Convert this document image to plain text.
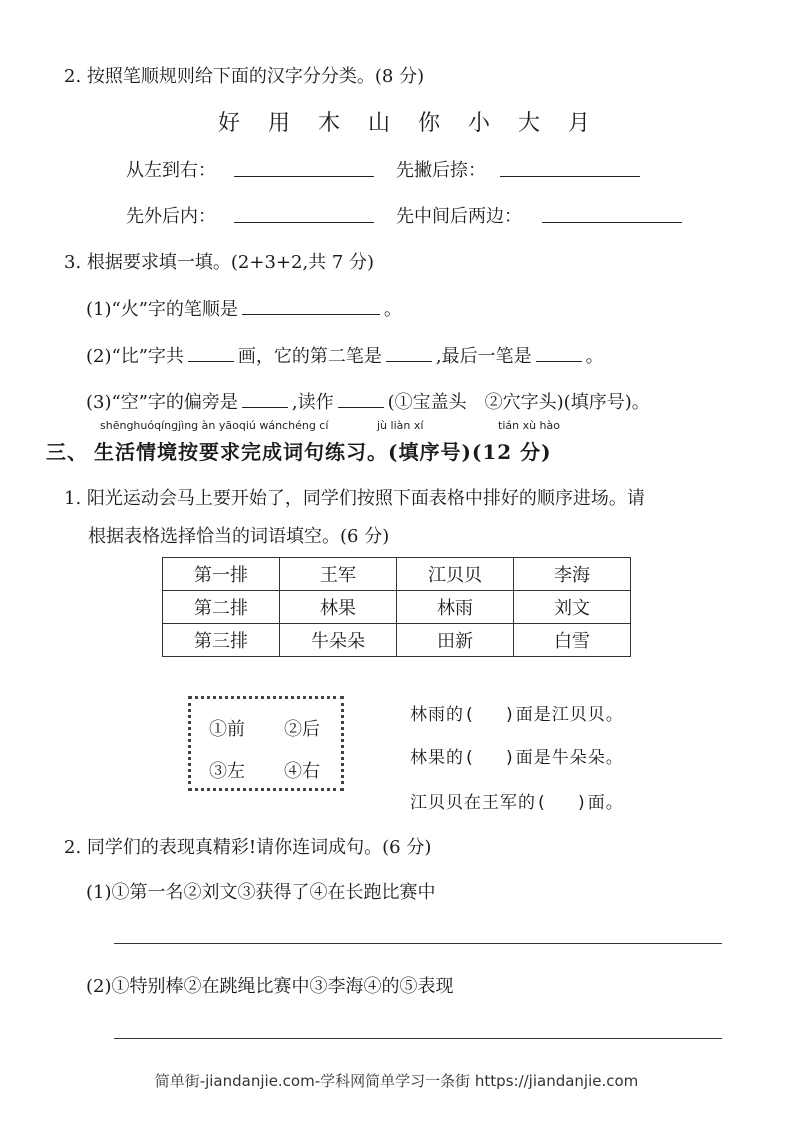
2. 按照笔顺规则给下面的汉字分分类。(8 分)
好 用 木 山 你 小 大 月
从左到右：	先撇后捺：
先外后内：	先中间后两边：
3. 根据要求填一填。(2+3+2,共 7 分)
(1)“火”字的笔顺是	。
(2)“比”字共	画，它的第二笔是	,最后一笔是	。
(3)“空”字的偏旁是	,读作	(①宝盖头　②穴字头)(填序号)。
shēnghuóqíngjìng àn yāoqiú wánchéng cí	jù liàn xí	tián xù hào
三、 生活情境按要求完成词句练习。(填序号)(12 分)
1. 阳光运动会马上要开始了，同学们按照下面表格中排好的顺序进场。请
根据表格选择恰当的词语填空。(6 分)
第一排	王军	江贝贝	李海
第二排	林果	林雨	刘文
第三排	牛朵朵	田新	白雪
①前 ②后
③左 ④右
林雨的(　 )面是江贝贝。
林果的(　 )面是牛朵朵。
江贝贝在王军的(　 )面。
2. 同学们的表现真精彩!请你连词成句。(6 分)
(1)①第一名②刘文③获得了④在长跑比赛中
(2)①特别棒②在跳绳比赛中③李海④的⑤表现
简单街-jiandanjie.com-学科网简单学习一条街 https://jiandanjie.com
